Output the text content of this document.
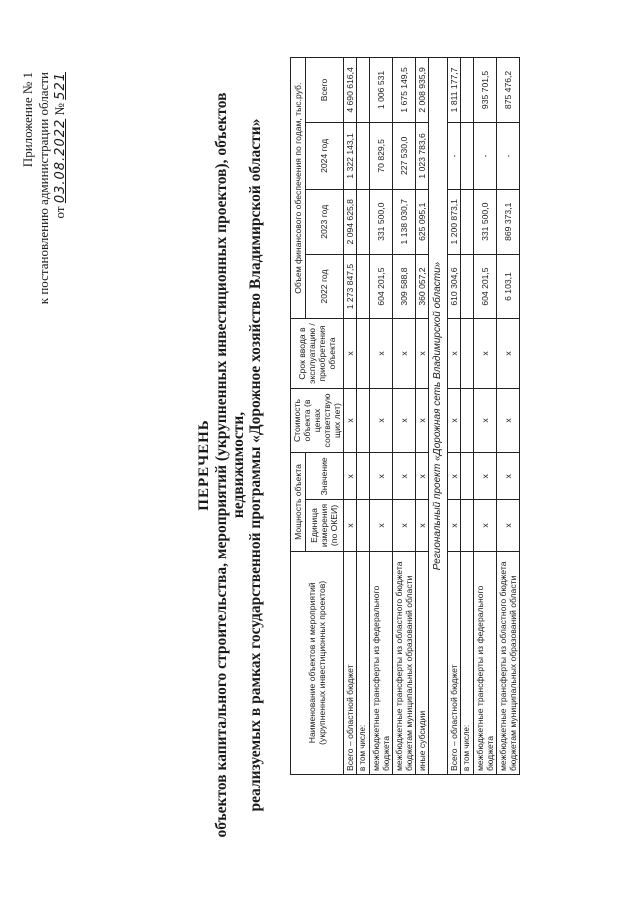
Приложение № 1 к постановлению администрации области от 03.08.2022 № 521
ПЕРЕЧЕНЬ объектов капитального строительства, мероприятий (укрупненных инвестиционных проектов), объектов недвижимости, реализуемых в рамках государственной программы «Дорожное хозяйство Владимирской области»	Наименование объектов и мероприятий (укрупненных инвестиционных проектов)	Мощность объекта		Стоимость объекта (в ценах соответствую щих лет)	Срок ввода в эксплуатацию / приобретения объекта	Объем финансового обеспечения по годам, тыс.руб.			
	Единица измерения (по ОКЕИ)	Значение			2022 год	2023 год	2024 год	Всего
Всего – областной бюджет	х	х	х	х	1 273 847,5	2 094 625,8	1 322 143,1	4 690 616,4
в том числе:								
межбюджетные трансферты из федерального бюджета	х	х	х	х	604 201,5	331 500,0	70 829,5	1 006 531
межбюджетные трансферты из областного бюджета бюджетам муниципальных образований области	х	х	х	х	309 588,8	1 138 030,7	227 530,0	1 675 149,5
иные субсидии	х	х	х	х	360 057,2	625 095,1	1 023 783,6	2 008 935,9
Региональный проект «Дорожная сеть Владимирской области»								
Всего – областной бюджет	х	х	х	х	610 304,6	1 200 873,1	-	1 811 177,7
в том числе:								
межбюджетные трансферты из федерального бюджета	х	х	х	х	604 201,5	331 500,0	-	935 701,5
межбюджетные трансферты из областного бюджета бюджетам муниципальных образований области	х	х	х	х	6 103,1	869 373,1	-	875 476,2
